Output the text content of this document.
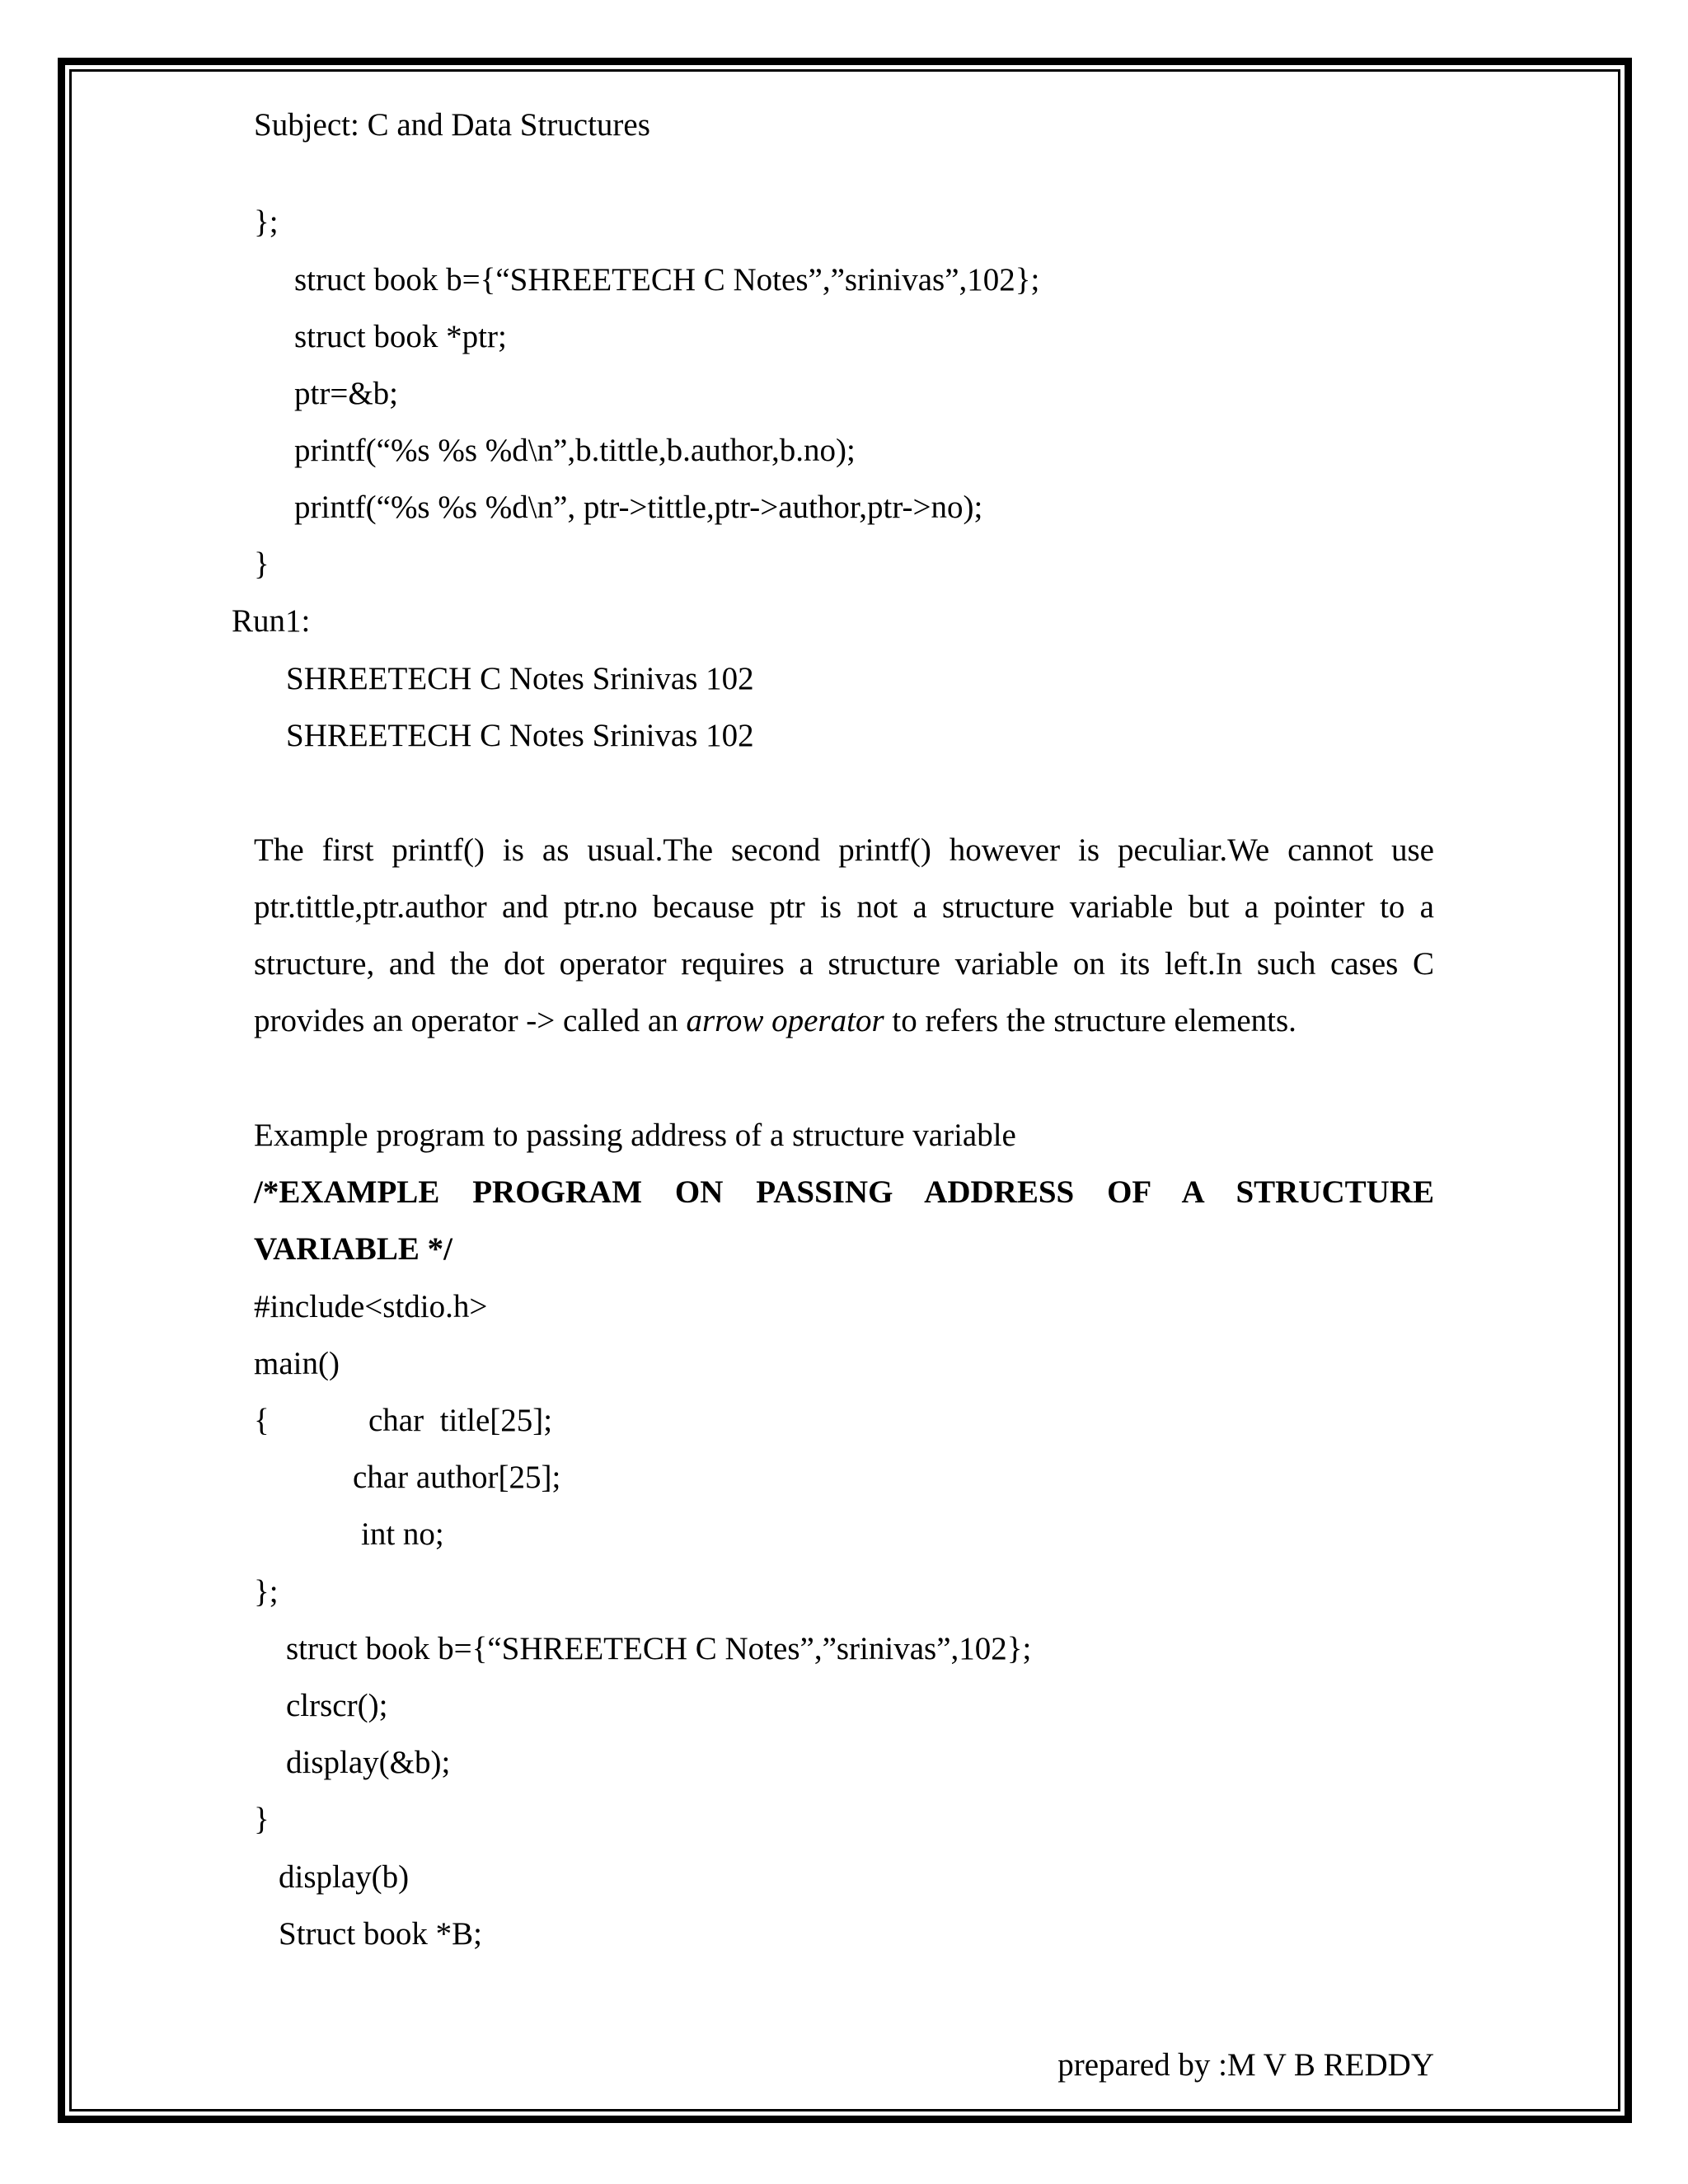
Subject: C and Data Structures
};
struct book b={“SHREETECH C Notes”,”srinivas”,102};
struct book *ptr;
ptr=&b;
printf(“%s %s %d\n”,b.tittle,b.author,b.no);
printf(“%s %s %d\n”, ptr->tittle,ptr->author,ptr->no);
}
Run1:
SHREETECH C Notes Srinivas 102
SHREETECH C Notes Srinivas 102
The first printf() is as usual.The second printf() however is peculiar.We cannot use
ptr.tittle,ptr.author and ptr.no because ptr is not a structure variable but a pointer to a
structure, and the dot operator requires a structure variable on its left.In such cases C
provides an operator -> called an arrow operator to refers the structure elements.
Example program to passing address of a structure variable
/*EXAMPLE PROGRAM ON PASSING ADDRESS OF A STRUCTURE
VARIABLE */
#include<stdio.h>
main()
{	char  title[25];
char author[25];
int no;
};
struct book b={“SHREETECH C Notes”,”srinivas”,102};
clrscr();
display(&b);
}
display(b)
Struct book *B;
prepared by :M V B REDDY
